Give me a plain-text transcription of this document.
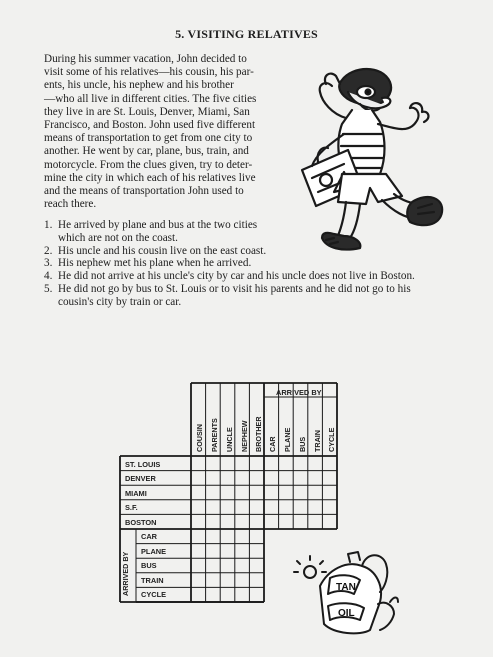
5. VISITING RELATIVES

During his summer vacation, John decided to

visit some of his relatives—his cousin, his par-

ents, his uncle, his nephew and his brother

—who all live in different cities. The five cities

they live in are St. Louis, Denver, Miami, San

Francisco, and Boston. John used five different

means of transportation to get from one city to

another. He went by car, plane, bus, train, and

motorcycle. From the clues given, try to deter-

mine the city in which each of his relatives live

and the means of transportation John used to

reach there.

1. He arrived by plane and bus at the two cities which are not on the coast.
2. His uncle and his cousin live on the east coast.
3. His nephew met his plane when he arrived.
4. He did not arrive at his uncle's city by car and his uncle does not live in Boston.
5. He did not go by bus to St. Louis or to visit his parents and he did not go to his cousin's city by train or car.
ARRIVED BY
COUSIN PARENTS UNCLE NEPHEW BROTHER CAR PLANE BUS TRAIN CYCLE
ST. LOUIS
DENVER
MIAMI
S.F.
BOSTON
ARRIVED BY
CAR
PLANE
BUS
TRAIN
CYCLE
TAN
OIL
